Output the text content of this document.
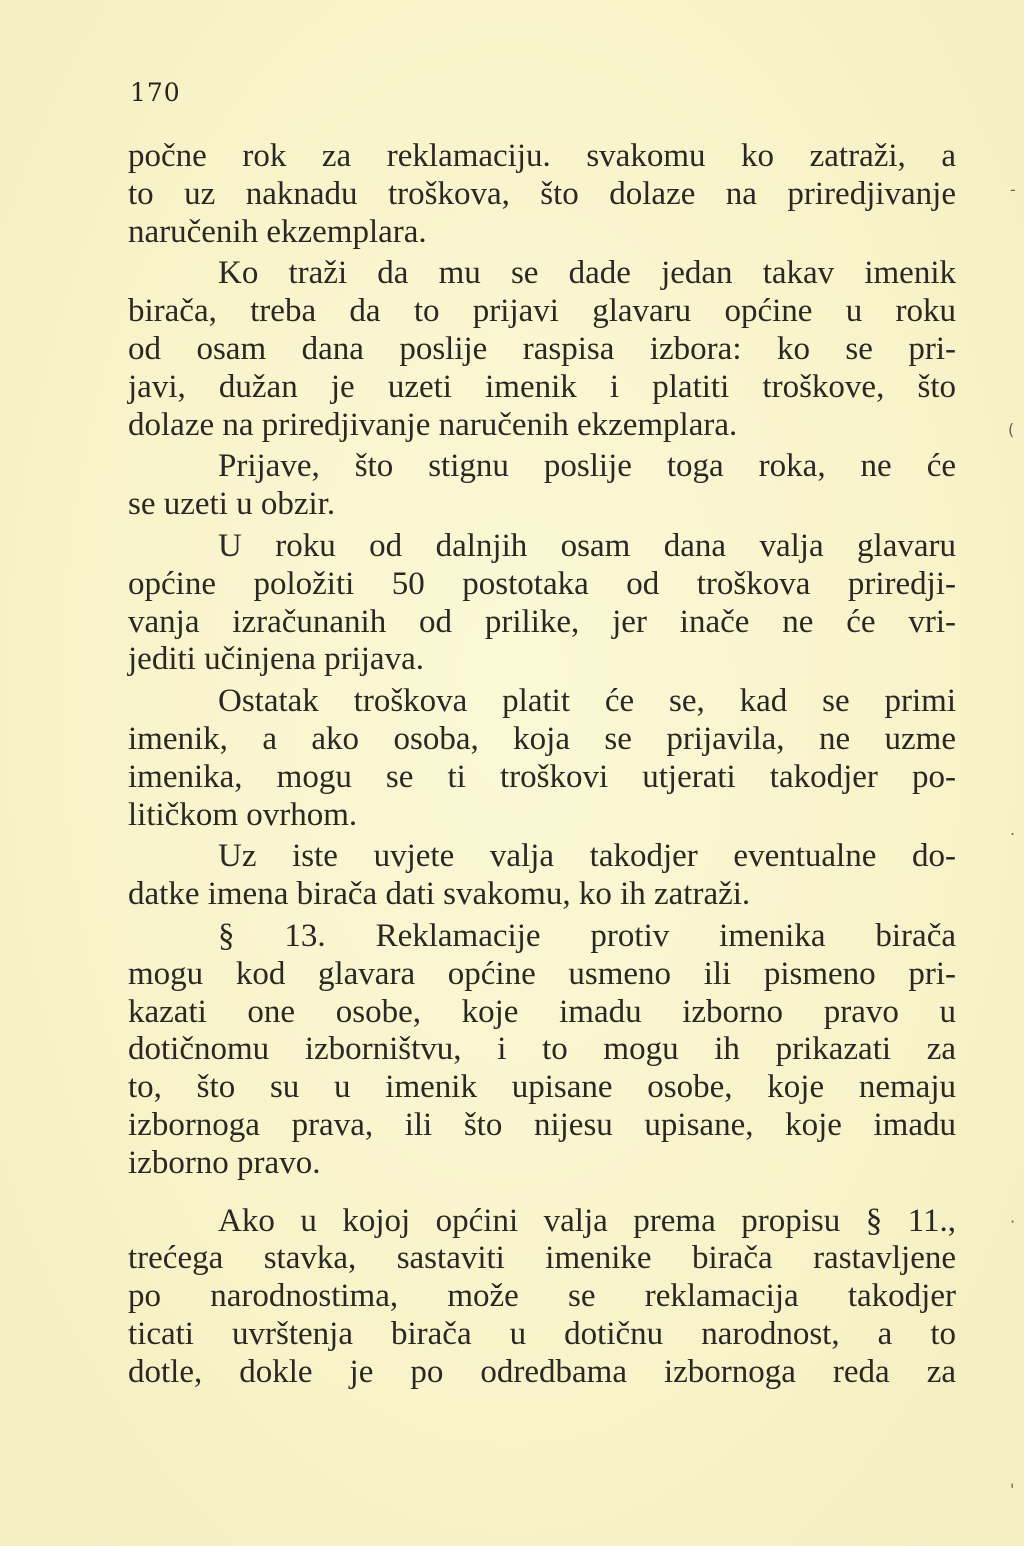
170

počne rok za reklamaciju. svakomu ko zatraži, a
to uz naknadu troškova, što dolaze na priredjivanje
naručenih ekzemplara.

Ko traži da mu se dade jedan takav imenik
birača, treba da to prijavi glavaru općine u roku
od osam dana poslije raspisa izbora: ko se pri-
javi, dužan je uzeti imenik i platiti troškove, što
dolaze na priredjivanje naručenih ekzemplara.

Prijave, što stignu poslije toga roka, ne će
se uzeti u obzir.

U roku od dalnjih osam dana valja glavaru
općine položiti 50 postotaka od troškova priredji-
vanja izračunanih od prilike, jer inače ne će vri-
jediti učinjena prijava.

Ostatak troškova platit će se, kad se primi
imenik, a ako osoba, koja se prijavila, ne uzme
imenika, mogu se ti troškovi utjerati takodjer po-
litičkom ovrhom.

Uz iste uvjete valja takodjer eventualne do-
datke imena birača dati svakomu, ko ih zatraži.

§ 13. Reklamacije protiv imenika birača
mogu kod glavara općine usmeno ili pismeno pri-
kazati one osobe, koje imadu izborno pravo u
dotičnomu izborništvu, i to mogu ih prikazati za
to, što su u imenik upisane osobe, koje nemaju
izbornoga prava, ili što nijesu upisane, koje imadu
izborno pravo.

Ako u kojoj općini valja prema propisu § 11.,
trećega stavka, sastaviti imenike birača rastavljene
po narodnostima, može se reklamacija takodjer
ticati uvrštenja birača u dotičnu narodnost, a to
dotle, dokle je po odredbama izbornoga reda za

-
(
.
·
'
